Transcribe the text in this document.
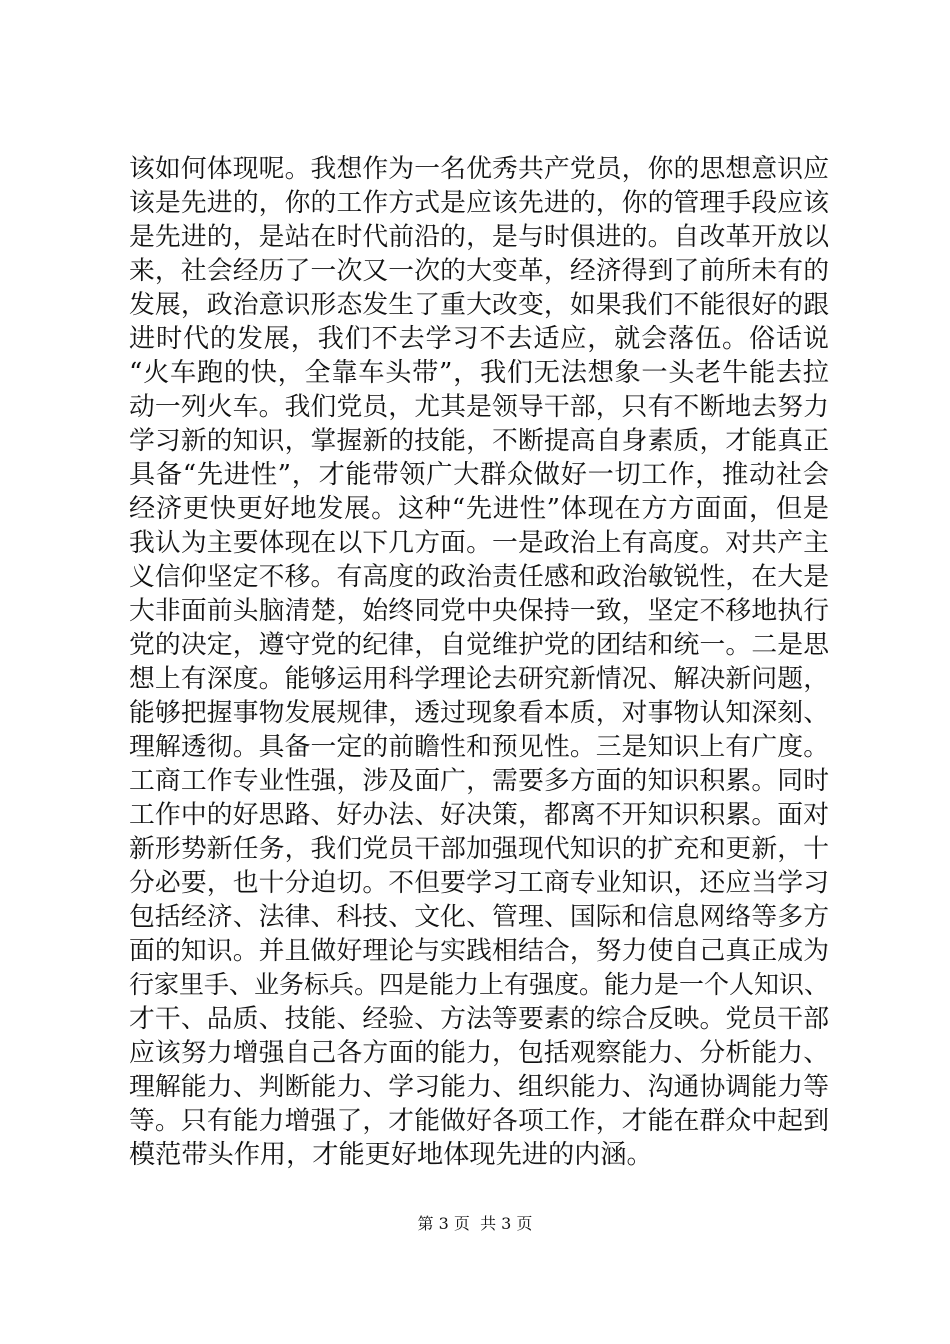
该如何体现呢。我想作为一名优秀共产党员，你的思想意识应
该是先进的，你的工作方式是应该先进的，你的管理手段应该
是先进的，是站在时代前沿的，是与时俱进的。自改革开放以
来，社会经历了一次又一次的大变革，经济得到了前所未有的
发展，政治意识形态发生了重大改变，如果我们不能很好的跟
进时代的发展，我们不去学习不去适应，就会落伍。俗话说
“火车跑的快，全靠车头带”，我们无法想象一头老牛能去拉
动一列火车。我们党员，尤其是领导干部，只有不断地去努力
学习新的知识，掌握新的技能，不断提高自身素质，才能真正
具备“先进性”，才能带领广大群众做好一切工作，推动社会
经济更快更好地发展。这种“先进性”体现在方方面面，但是
我认为主要体现在以下几方面。一是政治上有高度。对共产主
义信仰坚定不移。有高度的政治责任感和政治敏锐性，在大是
大非面前头脑清楚，始终同党中央保持一致，坚定不移地执行
党的决定，遵守党的纪律，自觉维护党的团结和统一。二是思
想上有深度。能够运用科学理论去研究新情况、解决新问题，
能够把握事物发展规律，透过现象看本质，对事物认知深刻、
理解透彻。具备一定的前瞻性和预见性。三是知识上有广度。
工商工作专业性强，涉及面广，需要多方面的知识积累。同时
工作中的好思路、好办法、好决策，都离不开知识积累。面对
新形势新任务，我们党员干部加强现代知识的扩充和更新，十
分必要，也十分迫切。不但要学习工商专业知识，还应当学习
包括经济、法律、科技、文化、管理、国际和信息网络等多方
面的知识。并且做好理论与实践相结合，努力使自己真正成为
行家里手、业务标兵。四是能力上有强度。能力是一个人知识、
才干、品质、技能、经验、方法等要素的综合反映。党员干部
应该努力增强自己各方面的能力，包括观察能力、分析能力、
理解能力、判断能力、学习能力、组织能力、沟通协调能力等
等。只有能力增强了，才能做好各项工作，才能在群众中起到
模范带头作用，才能更好地体现先进的内涵。
第 3 页  共 3 页
